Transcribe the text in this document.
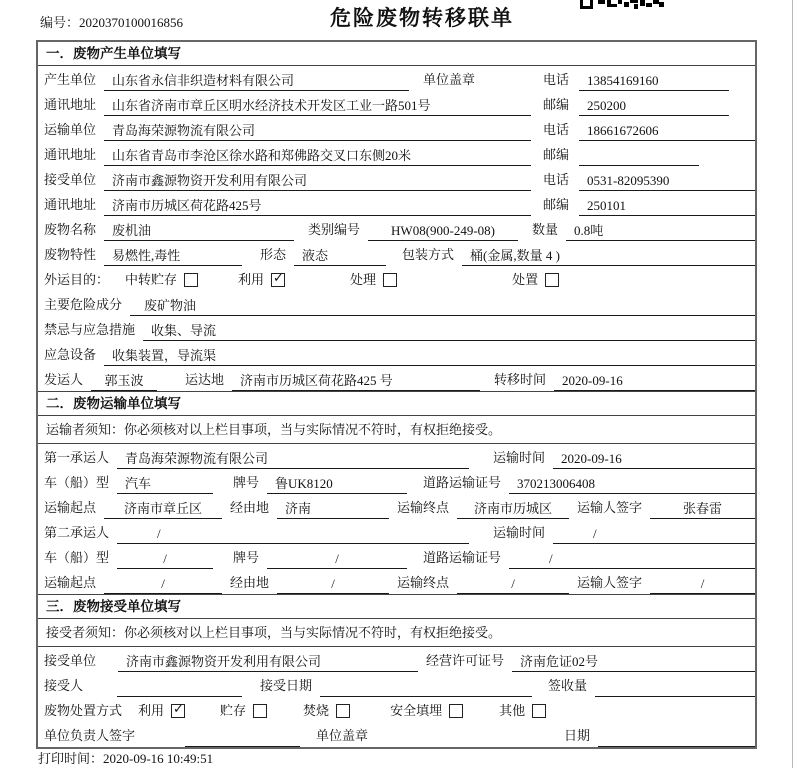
编号：2020370100016856	危险废物转移联单
一．废物产生单位填写
产生单位	山东省永信非织造材料有限公司	单位盖章	电话	13854169160
通讯地址	山东省济南市章丘区明水经济技术开发区工业一路501号	邮编	250200
运输单位	青岛海荣源物流有限公司	电话	18661672606
通讯地址	山东省青岛市李沧区徐水路和郑佛路交叉口东侧20米	邮编
接受单位	济南市鑫源物资开发利用有限公司	电话	0531-82095390
通讯地址	济南市历城区荷花路425号	邮编	250101
废物名称	废机油	类别编号	HW08(900-249-08)	数量	0.8吨
废物特性	易燃性,毒性	形态	液态	包装方式	桶(金属,数量 4 )
外运目的： 中转贮存	利用 ✓	处理	处置
主要危险成分	废矿物油
禁忌与应急措施	收集、导流
应急设备	收集装置，导流渠
发运人	郭玉波	运达地	济南市历城区荷花路425 号	转移时间	2020-09-16
二．废物运输单位填写
运输者须知：你必须核对以上栏目事项，当与实际情况不符时，有权拒绝接受。
第一承运人	青岛海荣源物流有限公司	运输时间	2020-09-16
车（船）型	汽车	牌号	鲁UK8120	道路运输证号	370213006408
运输起点	济南市章丘区	经由地	济南	运输终点	济南市历城区	运输人签字	张春雷
第二承运人	/	运输时间	/
车（船）型	/	牌号	/	道路运输证号	/
运输起点	/	经由地	/	运输终点	/	运输人签字	/
三．废物接受单位填写
接受者须知：你必须核对以上栏目事项，当与实际情况不符时，有权拒绝接受。
接受单位	济南市鑫源物资开发利用有限公司	经营许可证号	济南危证02号
接受人	接受日期	签收量
废物处置方式 利用 ✓	贮存	焚烧	安全填埋	其他
单位负责人签字	单位盖章	日期
打印时间：2020-09-16 10:49:51
